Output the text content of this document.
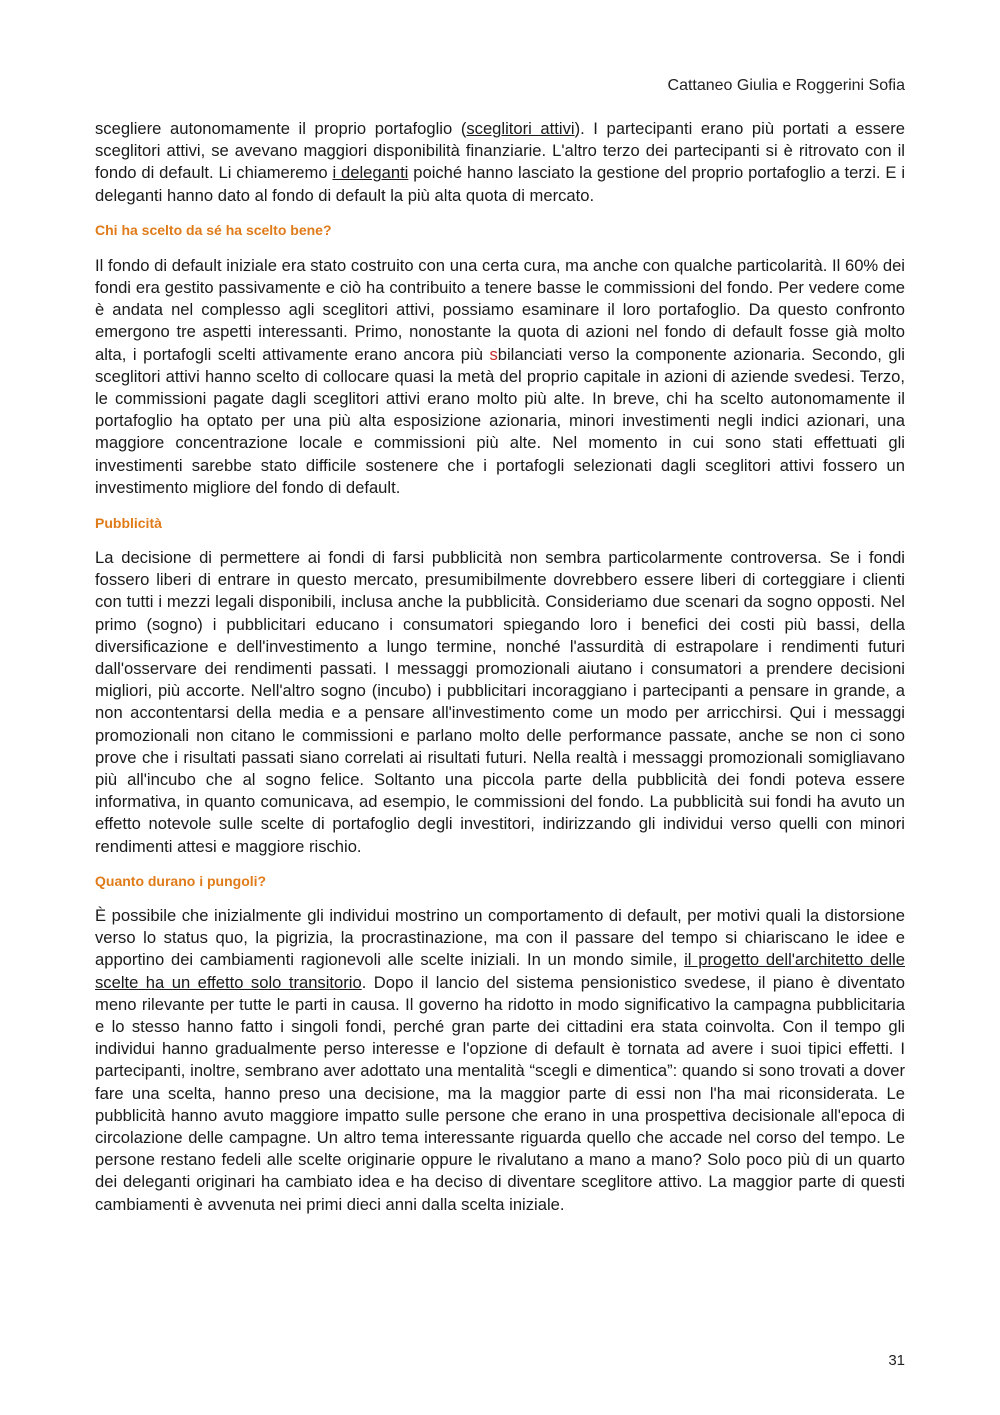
Cattaneo Giulia e Roggerini Sofia

scegliere autonomamente il proprio portafoglio (sceglitori attivi). I partecipanti erano più portati a essere sceglitori attivi, se avevano maggiori disponibilità finanziarie. L'altro terzo dei partecipanti si è ritrovato con il fondo di default. Li chiameremo i deleganti poiché hanno lasciato la gestione del proprio portafoglio a terzi. E i deleganti hanno dato al fondo di default la più alta quota di mercato.

Chi ha scelto da sé ha scelto bene?

Il fondo di default iniziale era stato costruito con una certa cura, ma anche con qualche particolarità. Il 60% dei fondi era gestito passivamente e ciò ha contribuito a tenere basse le commissioni del fondo. Per vedere come è andata nel complesso agli sceglitori attivi, possiamo esaminare il loro portafoglio. Da questo confronto emergono tre aspetti interessanti. Primo, nonostante la quota di azioni nel fondo di default fosse già molto alta, i portafogli scelti attivamente erano ancora più sbilanciati verso la componente azionaria. Secondo, gli sceglitori attivi hanno scelto di collocare quasi la metà del proprio capitale in azioni di aziende svedesi. Terzo, le commissioni pagate dagli sceglitori attivi erano molto più alte. In breve, chi ha scelto autonomamente il portafoglio ha optato per una più alta esposizione azionaria, minori investimenti negli indici azionari, una maggiore concentrazione locale e commissioni più alte. Nel momento in cui sono stati effettuati gli investimenti sarebbe stato difficile sostenere che i portafogli selezionati dagli sceglitori attivi fossero un investimento migliore del fondo di default.

Pubblicità

La decisione di permettere ai fondi di farsi pubblicità non sembra particolarmente controversa. Se i fondi fossero liberi di entrare in questo mercato, presumibilmente dovrebbero essere liberi di corteggiare i clienti con tutti i mezzi legali disponibili, inclusa anche la pubblicità. Consideriamo due scenari da sogno opposti. Nel primo (sogno) i pubblicitari educano i consumatori spiegando loro i benefici dei costi più bassi, della diversificazione e dell'investimento a lungo termine, nonché l'assurdità di estrapolare i rendimenti futuri dall'osservare dei rendimenti passati. I messaggi promozionali aiutano i consumatori a prendere decisioni migliori, più accorte. Nell'altro sogno (incubo) i pubblicitari incoraggiano i partecipanti a pensare in grande, a non accontentarsi della media e a pensare all'investimento come un modo per arricchirsi. Qui i messaggi promozionali non citano le commissioni e parlano molto delle performance passate, anche se non ci sono prove che i risultati passati siano correlati ai risultati futuri. Nella realtà i messaggi promozionali somigliavano più all'incubo che al sogno felice. Soltanto una piccola parte della pubblicità dei fondi poteva essere informativa, in quanto comunicava, ad esempio, le commissioni del fondo. La pubblicità sui fondi ha avuto un effetto notevole sulle scelte di portafoglio degli investitori, indirizzando gli individui verso quelli con minori rendimenti attesi e maggiore rischio.

Quanto durano i pungoli?

È possibile che inizialmente gli individui mostrino un comportamento di default, per motivi quali la distorsione verso lo status quo, la pigrizia, la procrastinazione, ma con il passare del tempo si chiariscano le idee e apportino dei cambiamenti ragionevoli alle scelte iniziali. In un mondo simile, il progetto dell'architetto delle scelte ha un effetto solo transitorio. Dopo il lancio del sistema pensionistico svedese, il piano è diventato meno rilevante per tutte le parti in causa. Il governo ha ridotto in modo significativo la campagna pubblicitaria e lo stesso hanno fatto i singoli fondi, perché gran parte dei cittadini era stata coinvolta. Con il tempo gli individui hanno gradualmente perso interesse e l'opzione di default è tornata ad avere i suoi tipici effetti. I partecipanti, inoltre, sembrano aver adottato una mentalità “scegli e dimentica”: quando si sono trovati a dover fare una scelta, hanno preso una decisione, ma la maggior parte di essi non l'ha mai riconsiderata. Le pubblicità hanno avuto maggiore impatto sulle persone che erano in una prospettiva decisionale all'epoca di circolazione delle campagne. Un altro tema interessante riguarda quello che accade nel corso del tempo. Le persone restano fedeli alle scelte originarie oppure le rivalutano a mano a mano? Solo poco più di un quarto dei deleganti originari ha cambiato idea e ha deciso di diventare sceglitore attivo. La maggior parte di questi cambiamenti è avvenuta nei primi dieci anni dalla scelta iniziale.

31
